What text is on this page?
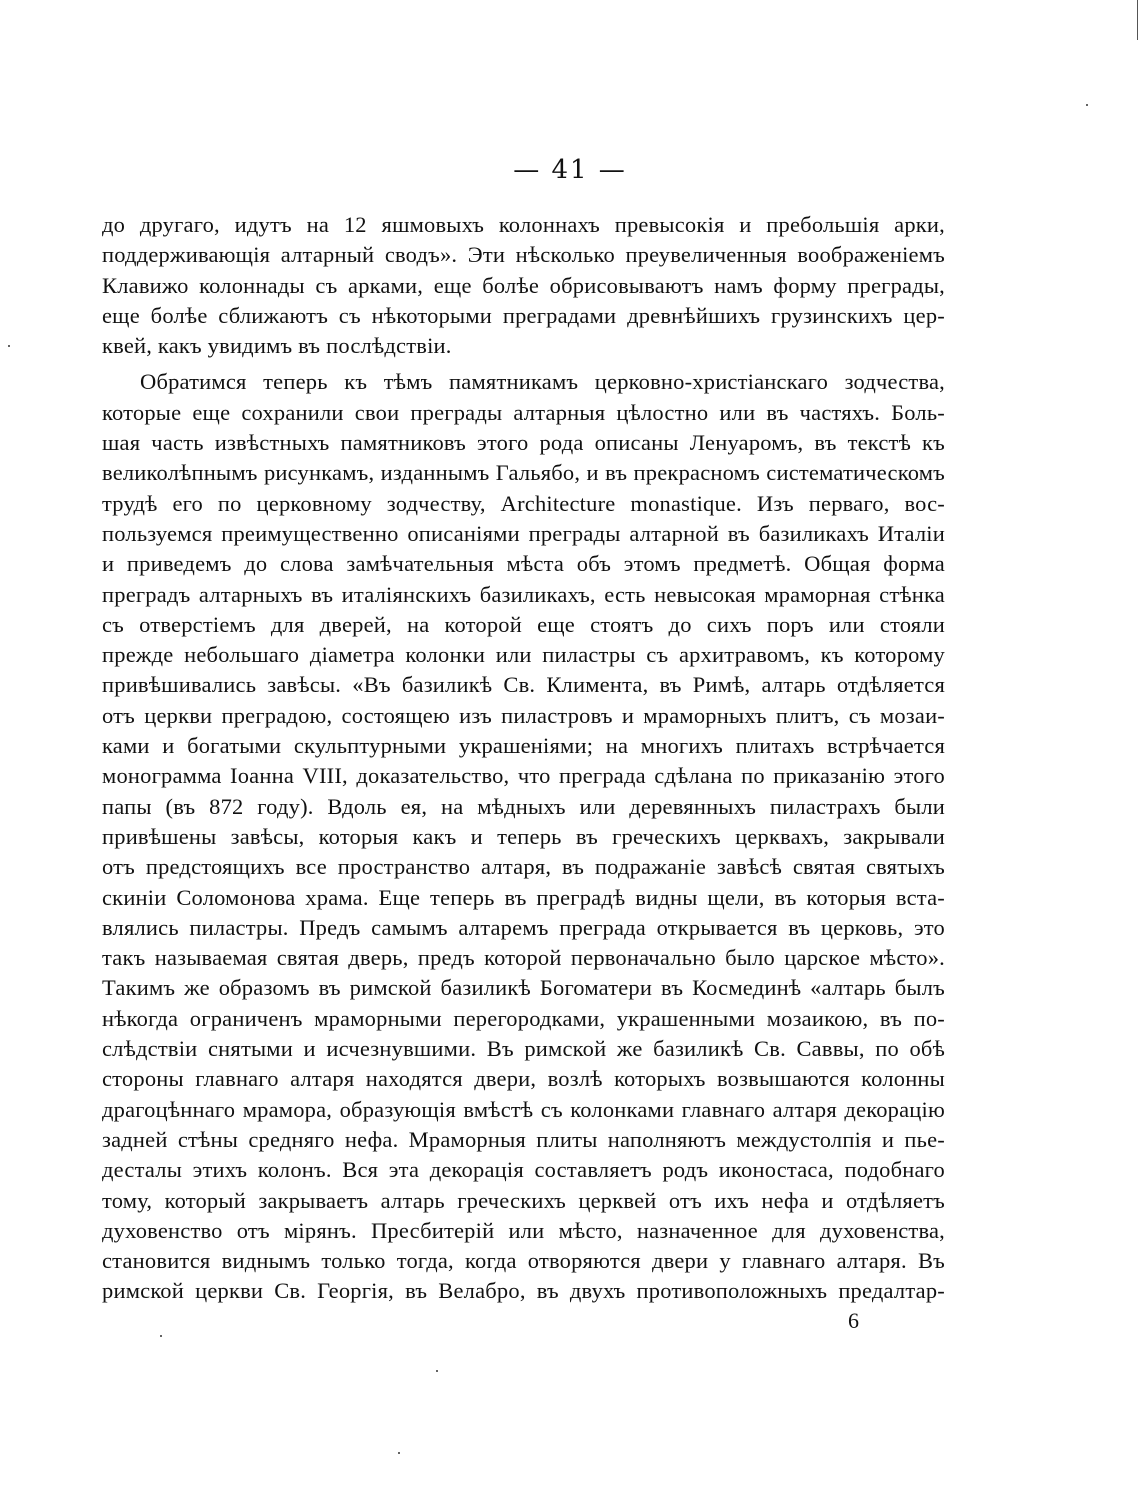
— 41 —
до другаго, идутъ на 12 яшмовыхъ колоннахъ превысокія и пребольшія арки,
поддерживающія алтарный сводъ». Эти нѣсколько преувеличенныя воображеніемъ
Клавижо колоннады съ арками, еще болѣе обрисовываютъ намъ форму преграды,
еще болѣе сближаютъ съ нѣкоторыми преградами древнѣйшихъ грузинскихъ цер-
квей, какъ увидимъ въ послѣдствіи.
Обратимся теперь къ тѣмъ памятникамъ церковно-христіанскаго зодчества,
которые еще сохранили свои преграды алтарныя цѣлостно или въ частяхъ. Боль-
шая часть извѣстныхъ памятниковъ этого рода описаны Ленуаромъ, въ текстѣ къ
великолѣпнымъ рисункамъ, изданнымъ Гальябо, и въ прекрасномъ систематическомъ
трудѣ его по церковному зодчеству, Architecture monastique. Изъ перваго, вос-
пользуемся преимущественно описаніями преграды алтарной въ базиликахъ Италіи
и приведемъ до слова замѣчательныя мѣста объ этомъ предметѣ. Общая форма
преградъ алтарныхъ въ италіянскихъ базиликахъ, есть невысокая мраморная стѣнка
съ отверстіемъ для дверей, на которой еще стоятъ до сихъ поръ или стояли
прежде небольшаго діаметра колонки или пиластры съ архитравомъ, къ которому
привѣшивались завѣсы. «Въ базиликѣ Св. Климента, въ Римѣ, алтарь отдѣляется
отъ церкви преградою, состоящею изъ пиластровъ и мраморныхъ плитъ, съ мозаи-
ками и богатыми скульптурными украшеніями; на многихъ плитахъ встрѣчается
монограмма Іоанна VIII, доказательство, что преграда сдѣлана по приказанію этого
папы (въ 872 году). Вдоль ея, на мѣдныхъ или деревянныхъ пиластрахъ были
привѣшены завѣсы, которыя какъ и теперь въ греческихъ церквахъ, закрывали
отъ предстоящихъ все пространство алтаря, въ подражаніе завѣсѣ святая святыхъ
скиніи Соломонова храма. Еще теперь въ преградѣ видны щели, въ которыя вста-
влялись пиластры. Предъ самымъ алтаремъ преграда открывается въ церковь, это
такъ называемая святая дверь, предъ которой первоначально было царское мѣсто».
Такимъ же образомъ въ римской базиликѣ Богоматери въ Космединѣ «алтарь былъ
нѣкогда ограниченъ мраморными перегородками, украшенными мозаикою, въ по-
слѣдствіи снятыми и исчезнувшими. Въ римской же базиликѣ Св. Саввы, по обѣ
стороны главнаго алтаря находятся двери, возлѣ которыхъ возвышаются колонны
драгоцѣннаго мрамора, образующія вмѣстѣ съ колонками главнаго алтаря декорацію
задней стѣны средняго нефа. Мраморныя плиты наполняютъ междустолпія и пье-
десталы этихъ колонъ. Вся эта декорація составляетъ родъ иконостаса, подобнаго
тому, который закрываетъ алтарь греческихъ церквей отъ ихъ нефа и отдѣляетъ
духовенство отъ мірянъ. Пресбитерій или мѣсто, назначенное для духовенства,
становится виднымъ только тогда, когда отворяются двери у главнаго алтаря. Въ
римской церкви Св. Георгія, въ Велабро, въ двухъ противоположныхъ предалтар-
6
